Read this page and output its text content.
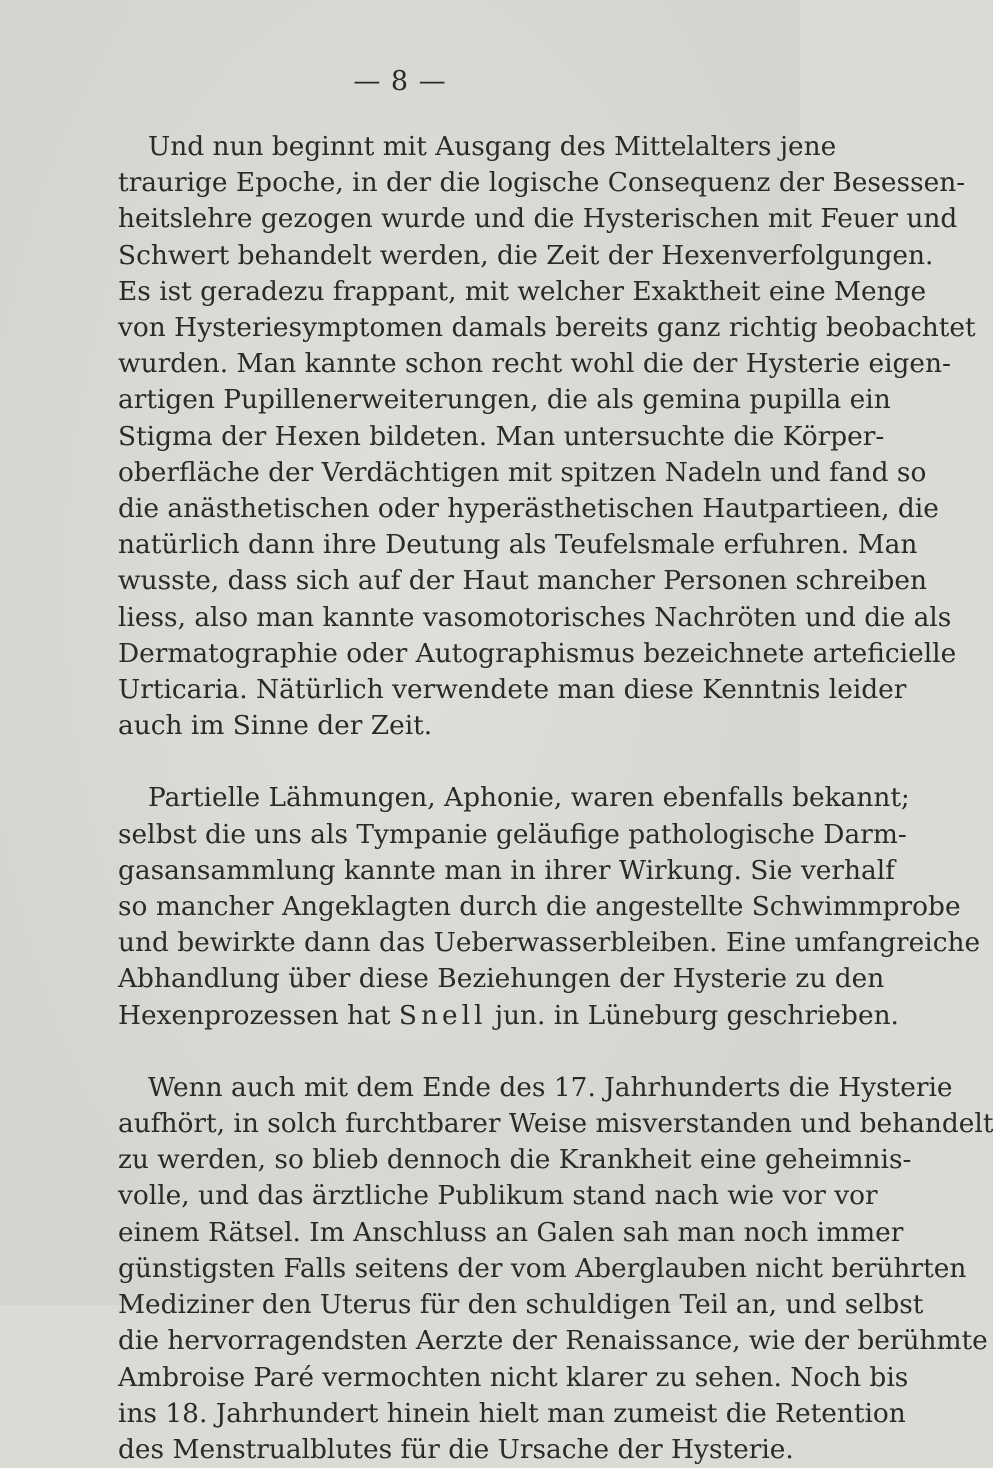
— 8 —

Und nun beginnt mit Ausgang des Mittelalters jene
traurige Epoche, in der die logische Consequenz der Besessen-
heitslehre gezogen wurde und die Hysterischen mit Feuer und
Schwert behandelt werden, die Zeit der Hexenverfolgungen.
Es ist geradezu frappant, mit welcher Exaktheit eine Menge
von Hysteriesymptomen damals bereits ganz richtig beobachtet
wurden. Man kannte schon recht wohl die der Hysterie eigen-
artigen Pupillenerweiterungen, die als gemina pupilla ein
Stigma der Hexen bildeten. Man untersuchte die Körper-
oberfläche der Verdächtigen mit spitzen Nadeln und fand so
die anästhetischen oder hyperästhetischen Hautpartieen, die
natürlich dann ihre Deutung als Teufelsmale erfuhren. Man
wusste, dass sich auf der Haut mancher Personen schreiben
liess, also man kannte vasomotorisches Nachröten und die als
Dermatographie oder Autographismus bezeichnete arteficielle
Urticaria. Nätürlich verwendete man diese Kenntnis leider
auch im Sinne der Zeit.

Partielle Lähmungen, Aphonie, waren ebenfalls bekannt;
selbst die uns als Tympanie geläufige pathologische Darm-
gasansammlung kannte man in ihrer Wirkung. Sie verhalf
so mancher Angeklagten durch die angestellte Schwimmprobe
und bewirkte dann das Ueberwasserbleiben. Eine umfangreiche
Abhandlung über diese Beziehungen der Hysterie zu den
Hexenprozessen hat Snell jun. in Lüneburg geschrieben.

Wenn auch mit dem Ende des 17. Jahrhunderts die Hysterie
aufhört, in solch furchtbarer Weise misverstanden und behandelt
zu werden, so blieb dennoch die Krankheit eine geheimnis-
volle, und das ärztliche Publikum stand nach wie vor vor
einem Rätsel. Im Anschluss an Galen sah man noch immer
günstigsten Falls seitens der vom Aberglauben nicht berührten
Mediziner den Uterus für den schuldigen Teil an, und selbst
die hervorragendsten Aerzte der Renaissance, wie der berühmte
Ambroise Paré vermochten nicht klarer zu sehen. Noch bis
ins 18. Jahrhundert hinein hielt man zumeist die Retention
des Menstrualblutes für die Ursache der Hysterie.
